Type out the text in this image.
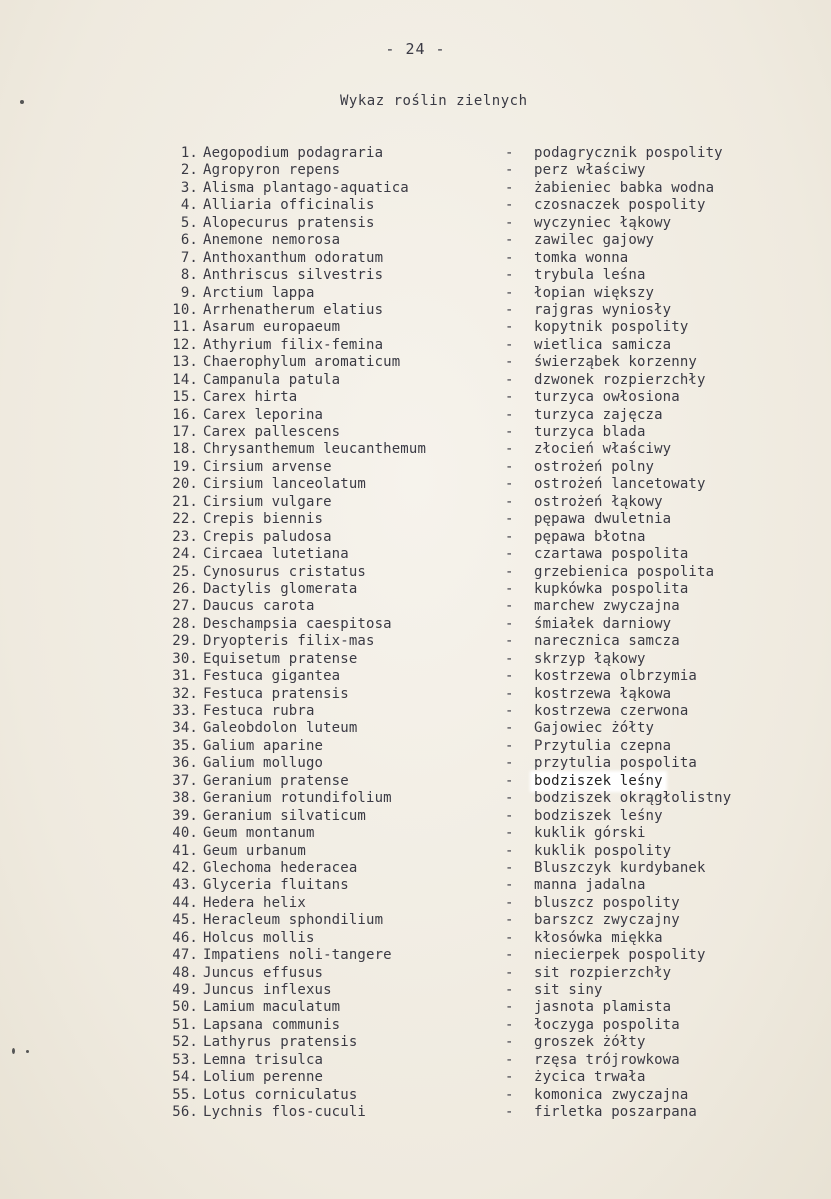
- 24 -
Wykaz roślin zielnych
1. Aegopodium podagraria	- podagrycznik pospolity
2. Agropyron repens	- perz właściwy
3. Alisma plantago-aquatica	- żabieniec babka wodna
4. Alliaria officinalis	- czosnaczek pospolity
5. Alopecurus pratensis	- wyczyniec łąkowy
6. Anemone nemorosa	- zawilec gajowy
7. Anthoxanthum odoratum	- tomka wonna
8. Anthriscus silvestris	- trybula leśna
9. Arctium lappa	- łopian większy
10. Arrhenatherum elatius	- rajgras wyniosły
11. Asarum europaeum	- kopytnik pospolity
12. Athyrium filix-femina	- wietlica samicza
13. Chaerophylum aromaticum	- świerząbek korzenny
14. Campanula patula	- dzwonek rozpierzchły
15. Carex hirta	- turzyca owłosiona
16. Carex leporina	- turzyca zajęcza
17. Carex pallescens	- turzyca blada
18. Chrysanthemum leucanthemum	- złocień właściwy
19. Cirsium arvense	- ostrożeń polny
20. Cirsium lanceolatum	- ostrożeń lancetowaty
21. Cirsium vulgare	- ostrożeń łąkowy
22. Crepis biennis	- pępawa dwuletnia
23. Crepis paludosa	- pępawa błotna
24. Circaea lutetiana	- czartawa pospolita
25. Cynosurus cristatus	- grzebienica pospolita
26. Dactylis glomerata	- kupkówka pospolita
27. Daucus carota	- marchew zwyczajna
28. Deschampsia caespitosa	- śmiałek darniowy
29. Dryopteris filix-mas	- narecznica samcza
30. Equisetum pratense	- skrzyp łąkowy
31. Festuca gigantea	- kostrzewa olbrzymia
32. Festuca pratensis	- kostrzewa łąkowa
33. Festuca rubra	- kostrzewa czerwona
34. Galeobdolon luteum	- Gajowiec żółty
35. Galium aparine	- Przytulia czepna
36. Galium mollugo	- przytulia pospolita
37. Geranium pratense	- bodziszek leśny
38. Geranium rotundifolium	- bodziszek okrągłolistny
39. Geranium silvaticum	- bodziszek leśny
40. Geum montanum	- kuklik górski
41. Geum urbanum	- kuklik pospolity
42. Glechoma hederacea	- Bluszczyk kurdybanek
43. Glyceria fluitans	- manna jadalna
44. Hedera helix	- bluszcz pospolity
45. Heracleum sphondilium	- barszcz zwyczajny
46. Holcus mollis	- kłosówka miękka
47. Impatiens noli-tangere	- niecierpek pospolity
48. Juncus effusus	- sit rozpierzchły
49. Juncus inflexus	- sit siny
50. Lamium maculatum	- jasnota plamista
51. Lapsana communis	- łoczyga pospolita
52. Lathyrus pratensis	- groszek żółty
53. Lemna trisulca	- rzęsa trójrowkowa
54. Lolium perenne	- życica trwała
55. Lotus corniculatus	- komonica zwyczajna
56. Lychnis flos-cuculi	- firletka poszarpana
